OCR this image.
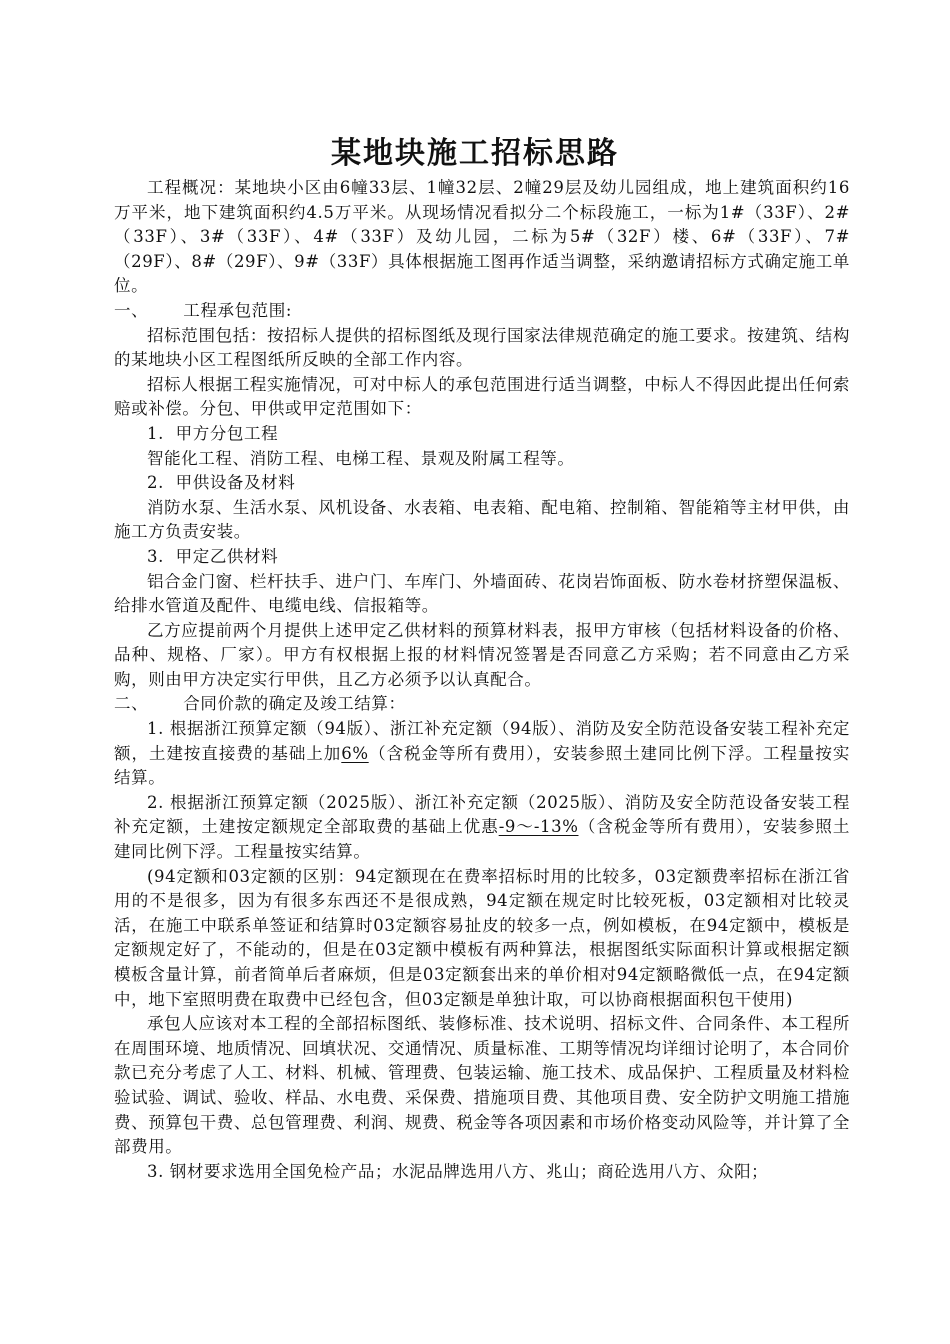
某地块施工招标思路

工程概况：某地块小区由6幢33层、1幢32层、2幢29层及幼儿园组成，地上建筑面积约16万平米，地下建筑面积约4.5万平米。从现场情况看拟分二个标段施工，一标为1#（33F）、2#（33F）、3#（33F）、4#（33F）及幼儿园，二标为5#（32F）楼、6#（33F）、7#（29F）、8#（29F）、9#（33F）具体根据施工图再作适当调整，采纳邀请招标方式确定施工单位。

一、      工程承包范围:

招标范围包括：按招标人提供的招标图纸及现行国家法律规范确定的施工要求。按建筑、结构的某地块小区工程图纸所反映的全部工作内容。

招标人根据工程实施情况，可对中标人的承包范围进行适当调整，中标人不得因此提出任何索赔或补偿。分包、甲供或甲定范围如下：

1.  甲方分包工程

智能化工程、消防工程、电梯工程、景观及附属工程等。

2.  甲供设备及材料

消防水泵、生活水泵、风机设备、水表箱、电表箱、配电箱、控制箱、智能箱等主材甲供，由施工方负责安装。

3.  甲定乙供材料

铝合金门窗、栏杆扶手、进户门、车库门、外墙面砖、花岗岩饰面板、防水卷材挤塑保温板、给排水管道及配件、电缆电线、信报箱等。

乙方应提前两个月提供上述甲定乙供材料的预算材料表，报甲方审核（包括材料设备的价格、品种、规格、厂家）。甲方有权根据上报的材料情况签署是否同意乙方采购；若不同意由乙方采购，则由甲方决定实行甲供，且乙方必须予以认真配合。

二、      合同价款的确定及竣工结算：

1. 根据浙江预算定额（94版）、浙江补充定额（94版）、消防及安全防范设备安装工程补充定额，土建按直接费的基础上加6%（含税金等所有费用），安装参照土建同比例下浮。工程量按实结算。

2. 根据浙江预算定额（2025版）、浙江补充定额（2025版）、消防及安全防范设备安装工程补充定额，土建按定额规定全部取费的基础上优惠-9～-13%（含税金等所有费用），安装参照土建同比例下浮。工程量按实结算。

(94定额和03定额的区别：94定额现在在费率招标时用的比较多，03定额费率招标在浙江省用的不是很多，因为有很多东西还不是很成熟，94定额在规定时比较死板，03定额相对比较灵活，在施工中联系单签证和结算时03定额容易扯皮的较多一点，例如模板，在94定额中，模板是定额规定好了，不能动的，但是在03定额中模板有两种算法，根据图纸实际面积计算或根据定额模板含量计算，前者简单后者麻烦，但是03定额套出来的单价相对94定额略微低一点，在94定额中，地下室照明费在取费中已经包含，但03定额是单独计取，可以协商根据面积包干使用)

承包人应该对本工程的全部招标图纸、装修标准、技术说明、招标文件、合同条件、本工程所在周围环境、地质情况、回填状况、交通情况、质量标准、工期等情况均详细讨论明了，本合同价款已充分考虑了人工、材料、机械、管理费、包装运输、施工技术、成品保护、工程质量及材料检验试验、调试、验收、样品、水电费、采保费、措施项目费、其他项目费、安全防护文明施工措施费、预算包干费、总包管理费、利润、规费、税金等各项因素和市场价格变动风险等，并计算了全部费用。

3. 钢材要求选用全国免检产品；水泥品牌选用八方、兆山；商砼选用八方、众阳；
